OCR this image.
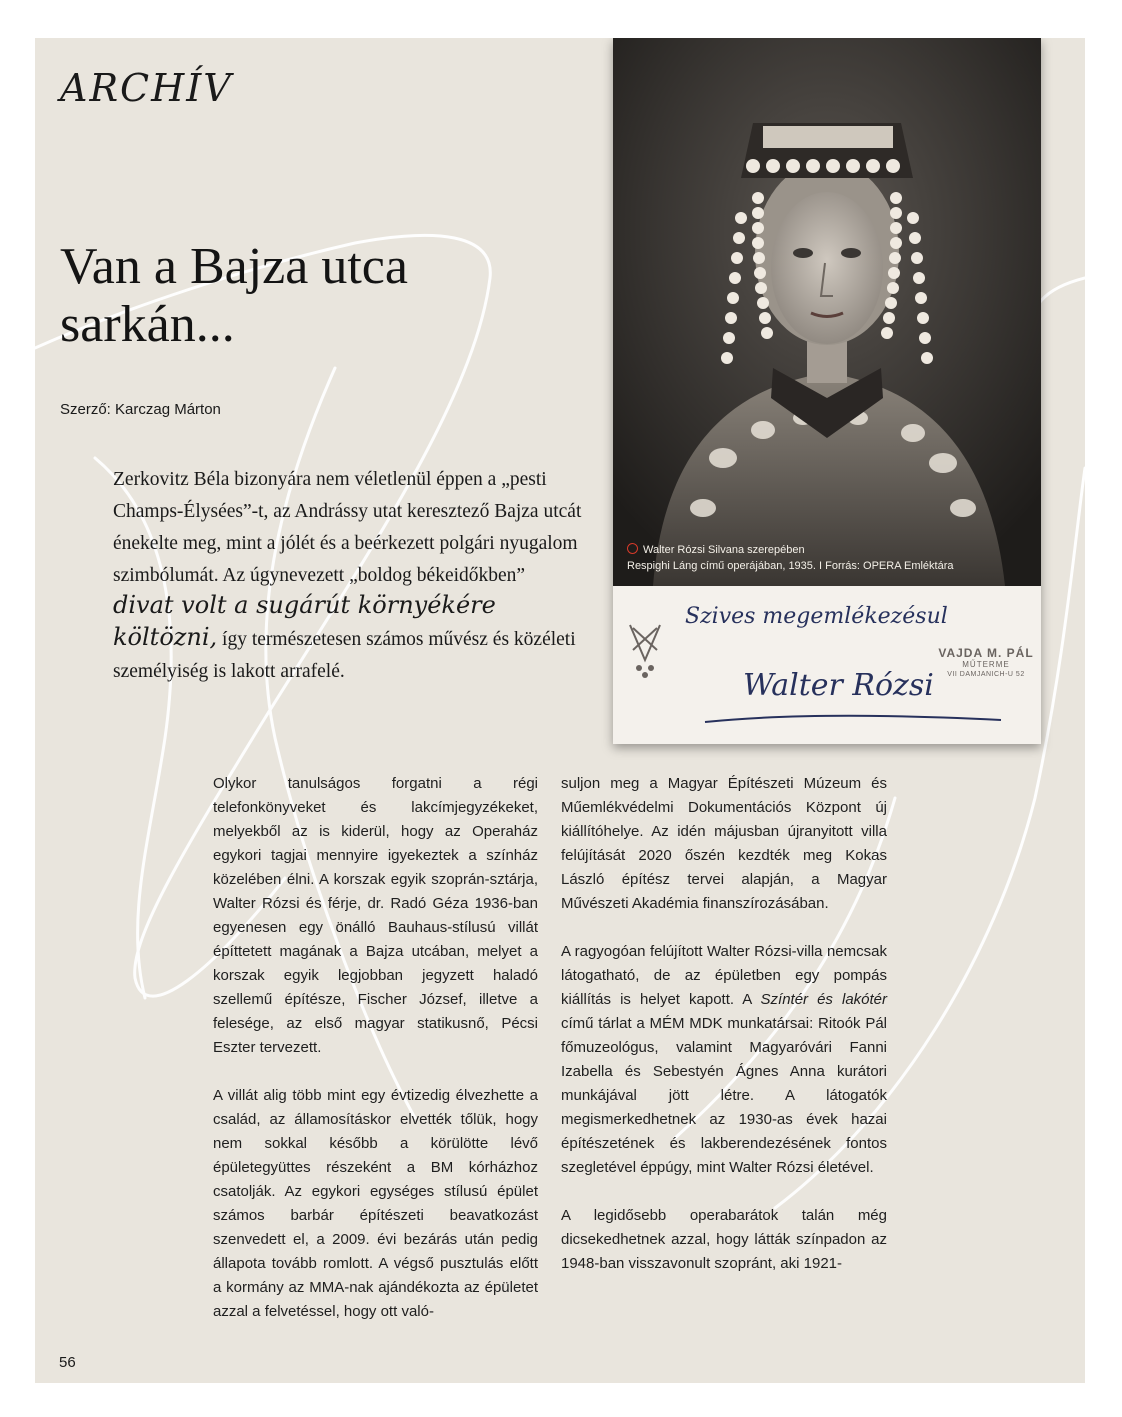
ARCHÍV
Van a Bajza utca sarkán...
Szerző: Karczag Márton
Zerkovitz Béla bizonyára nem véletlenül éppen a „pesti Champs-Élysées”-t, az Andrássy utat keresztező Bajza utcát énekelte meg, mint a jólét és a beérkezett polgári nyugalom szimbólumát. Az úgynevezett „boldog békeidőkben” divat volt a sugárút környékére költözni, így természetesen számos művész és közéleti személyiség is lakott arrafelé.
Walter Rózsi Silvana szerepében
Respighi Láng című operájában, 1935. I Forrás: OPERA Emléktára
Szives megemlékezésul
VAJDA M. PÁL
MŰTERME
VII DAMJANICH-U 52
Walter Rózsi

Olykor tanulságos forgatni a régi telefonkönyveket és lakcímjegyzékeket, melyekből az is kiderül, hogy az Operaház egykori tagjai mennyire igyekeztek a színház közelében élni. A korszak egyik szoprán-sztárja, Walter Rózsi és férje, dr. Radó Géza 1936-ban egyenesen egy önálló Bauhaus-stílusú villát építtetett magának a Bajza utcában, melyet a korszak egyik legjobban jegyzett haladó szellemű építésze, Fischer József, illetve a felesége, az első magyar statikusnő, Pécsi Eszter tervezett.

A villát alig több mint egy évtizedig élvezhette a család, az államosításkor elvették tőlük, hogy nem sokkal később a körülötte lévő épületegyüttes részeként a BM kórházhoz csatolják. Az egykori egységes stílusú épület számos barbár építészeti beavatkozást szenvedett el, a 2009. évi bezárás után pedig állapota tovább romlott. A végső pusztulás előtt a kormány az MMA-nak ajándékozta az épületet azzal a felvetéssel, hogy ott való-

suljon meg a Magyar Építészeti Múzeum és Műemlékvédelmi Dokumentációs Központ új kiállítóhelye. Az idén májusban újranyitott villa felújítását 2020 őszén kezdték meg Kokas László építész tervei alapján, a Magyar Művészeti Akadémia finanszírozásában.

A ragyogóan felújított Walter Rózsi-villa nemcsak látogatható, de az épületben egy pompás kiállítás is helyet kapott. A Színtér és lakótér című tárlat a MÉM MDK munkatársai: Ritoók Pál főmuzeológus, valamint Magyaróvári Fanni Izabella és Sebestyén Ágnes Anna kurátori munkájával jött létre. A látogatók megismerkedhetnek az 1930-as évek hazai építészetének és lakberendezésének fontos szegletével éppúgy, mint Walter Rózsi életével.

A legidősebb operabarátok talán még dicsekedhetnek azzal, hogy látták színpadon az 1948-ban visszavonult szopránt, aki 1921-

56
